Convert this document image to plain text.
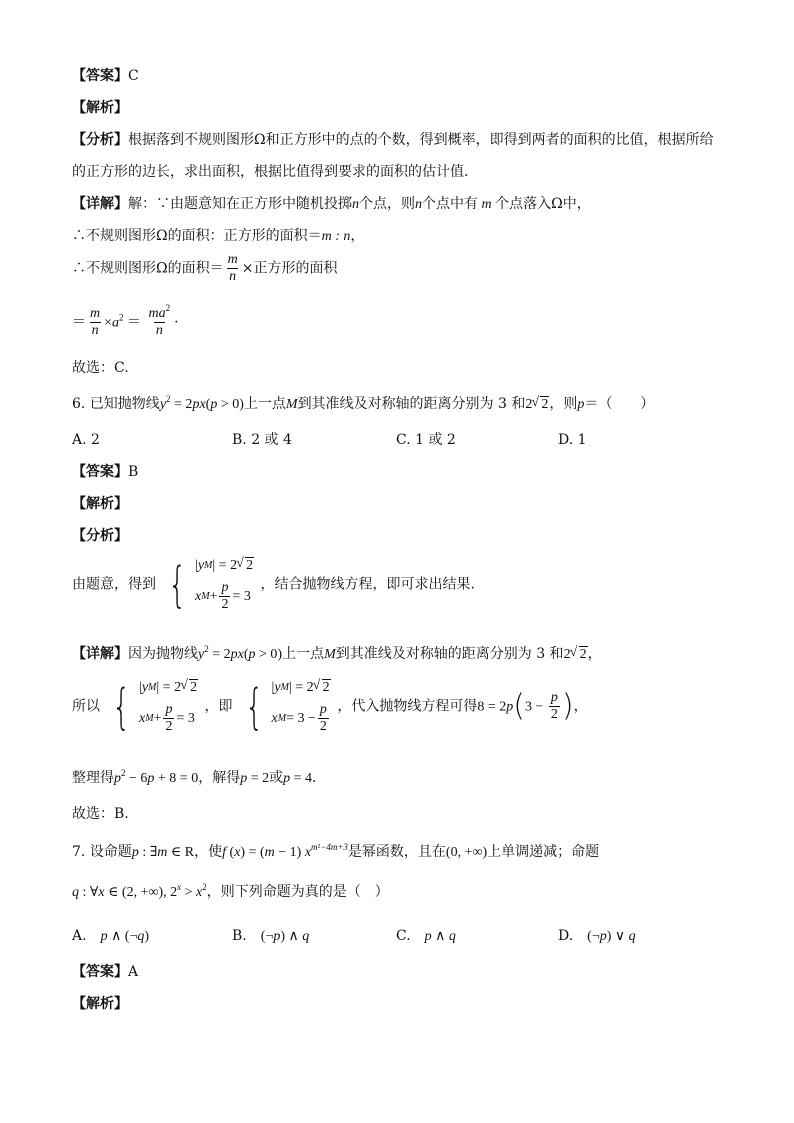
【答案】C
【解析】
【分析】根据落到不规则图形Ω和正方形中的点的个数，得到概率，即得到两者的面积的比值，根据所给
的正方形的边长，求出面积，根据比值得到要求的面积的估计值．
【详解】解：∵由题意知在正方形中随机投掷n个点，则n个点中有 m 个点落入Ω中，
∴不规则图形Ω的面积：正方形的面积＝m : n，
∴不规则图形Ω的面积＝ $\frac{m}{n}$ ×正方形的面积
＝ $\frac{m}{n} \times a^2 = \frac{ma^2}{n}$ ·
故选：C.
6. 已知抛物线$y^2 = 2px(p > 0)$上一点M到其准线及对称轴的距离分别为 3 和2 √ 2，则p＝（　　）
A. 2	B. 2 或 4	C. 1 或 2	D. 1
【答案】B
【解析】
【分析】
由题意，得到 { | y M | = 2 √ 2
x $M + \frac{p}{2} = 3$
，结合抛物线方程，即可求出结果.
【详解】因为抛物线$y^2 = 2px(p > 0)$上一点M到其准线及对称轴的距离分别为 3 和2 √ 2，
所以 { | y M | = 2 √ 2
x $M + \frac{p}{2} = 3$
，即 { | y M | = 2 √ 2
x $M = 3 - \frac{p}{2}$ ，代入抛物线方程可得$8 = 2p(3 - \frac{p}{2}$ )，
整理得$p^2 - 6p + 8 = 0$，解得p = 2或p = 4．
故选：B.
7. 设命题p : ∃m ∈ R，使f (x) = (m − 1) $x^{m^2-4m+3}$是幂函数，且在(0, +∞)上单调递减；命题
q : ∀x ∈ (2, +∞), $2^x > x^2$，则下列命题为真的是（　）
A.　 p ∧ (¬q)	B.　(¬p) ∧ q	C.　 p ∧ q	D.　(¬p) ∨ q
【答案】A
【解析】
